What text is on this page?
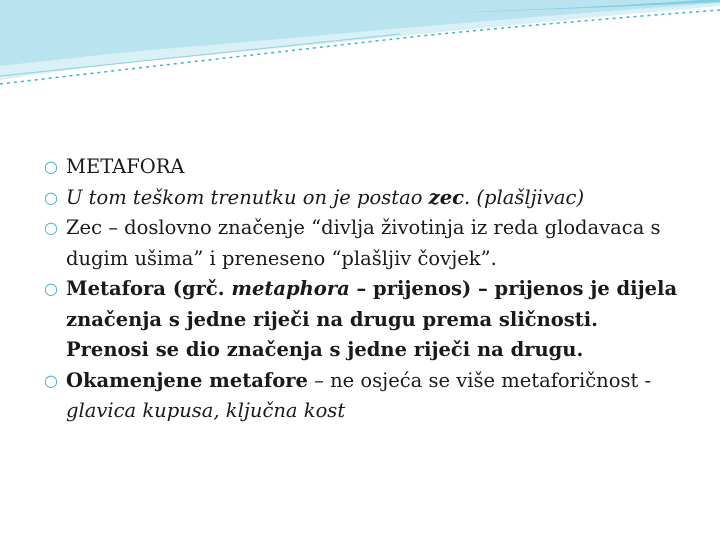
○ METAFORA

○ U tom teškom trenutku on je postao zec. (plašljivac)

○ Zec – doslovno značenje “divlja životinja iz reda glodavaca s dugim ušima” i preneseno “plašljiv čovjek”.

○ Metafora (grč. metaphora – prijenos) – prijenos je dijela značenja s jedne riječi na drugu prema sličnosti. Prenosi se dio značenja s jedne riječi na drugu.

○ Okamenjene metafore – ne osjeća se više metaforičnost - glavica kupusa, ključna kost
